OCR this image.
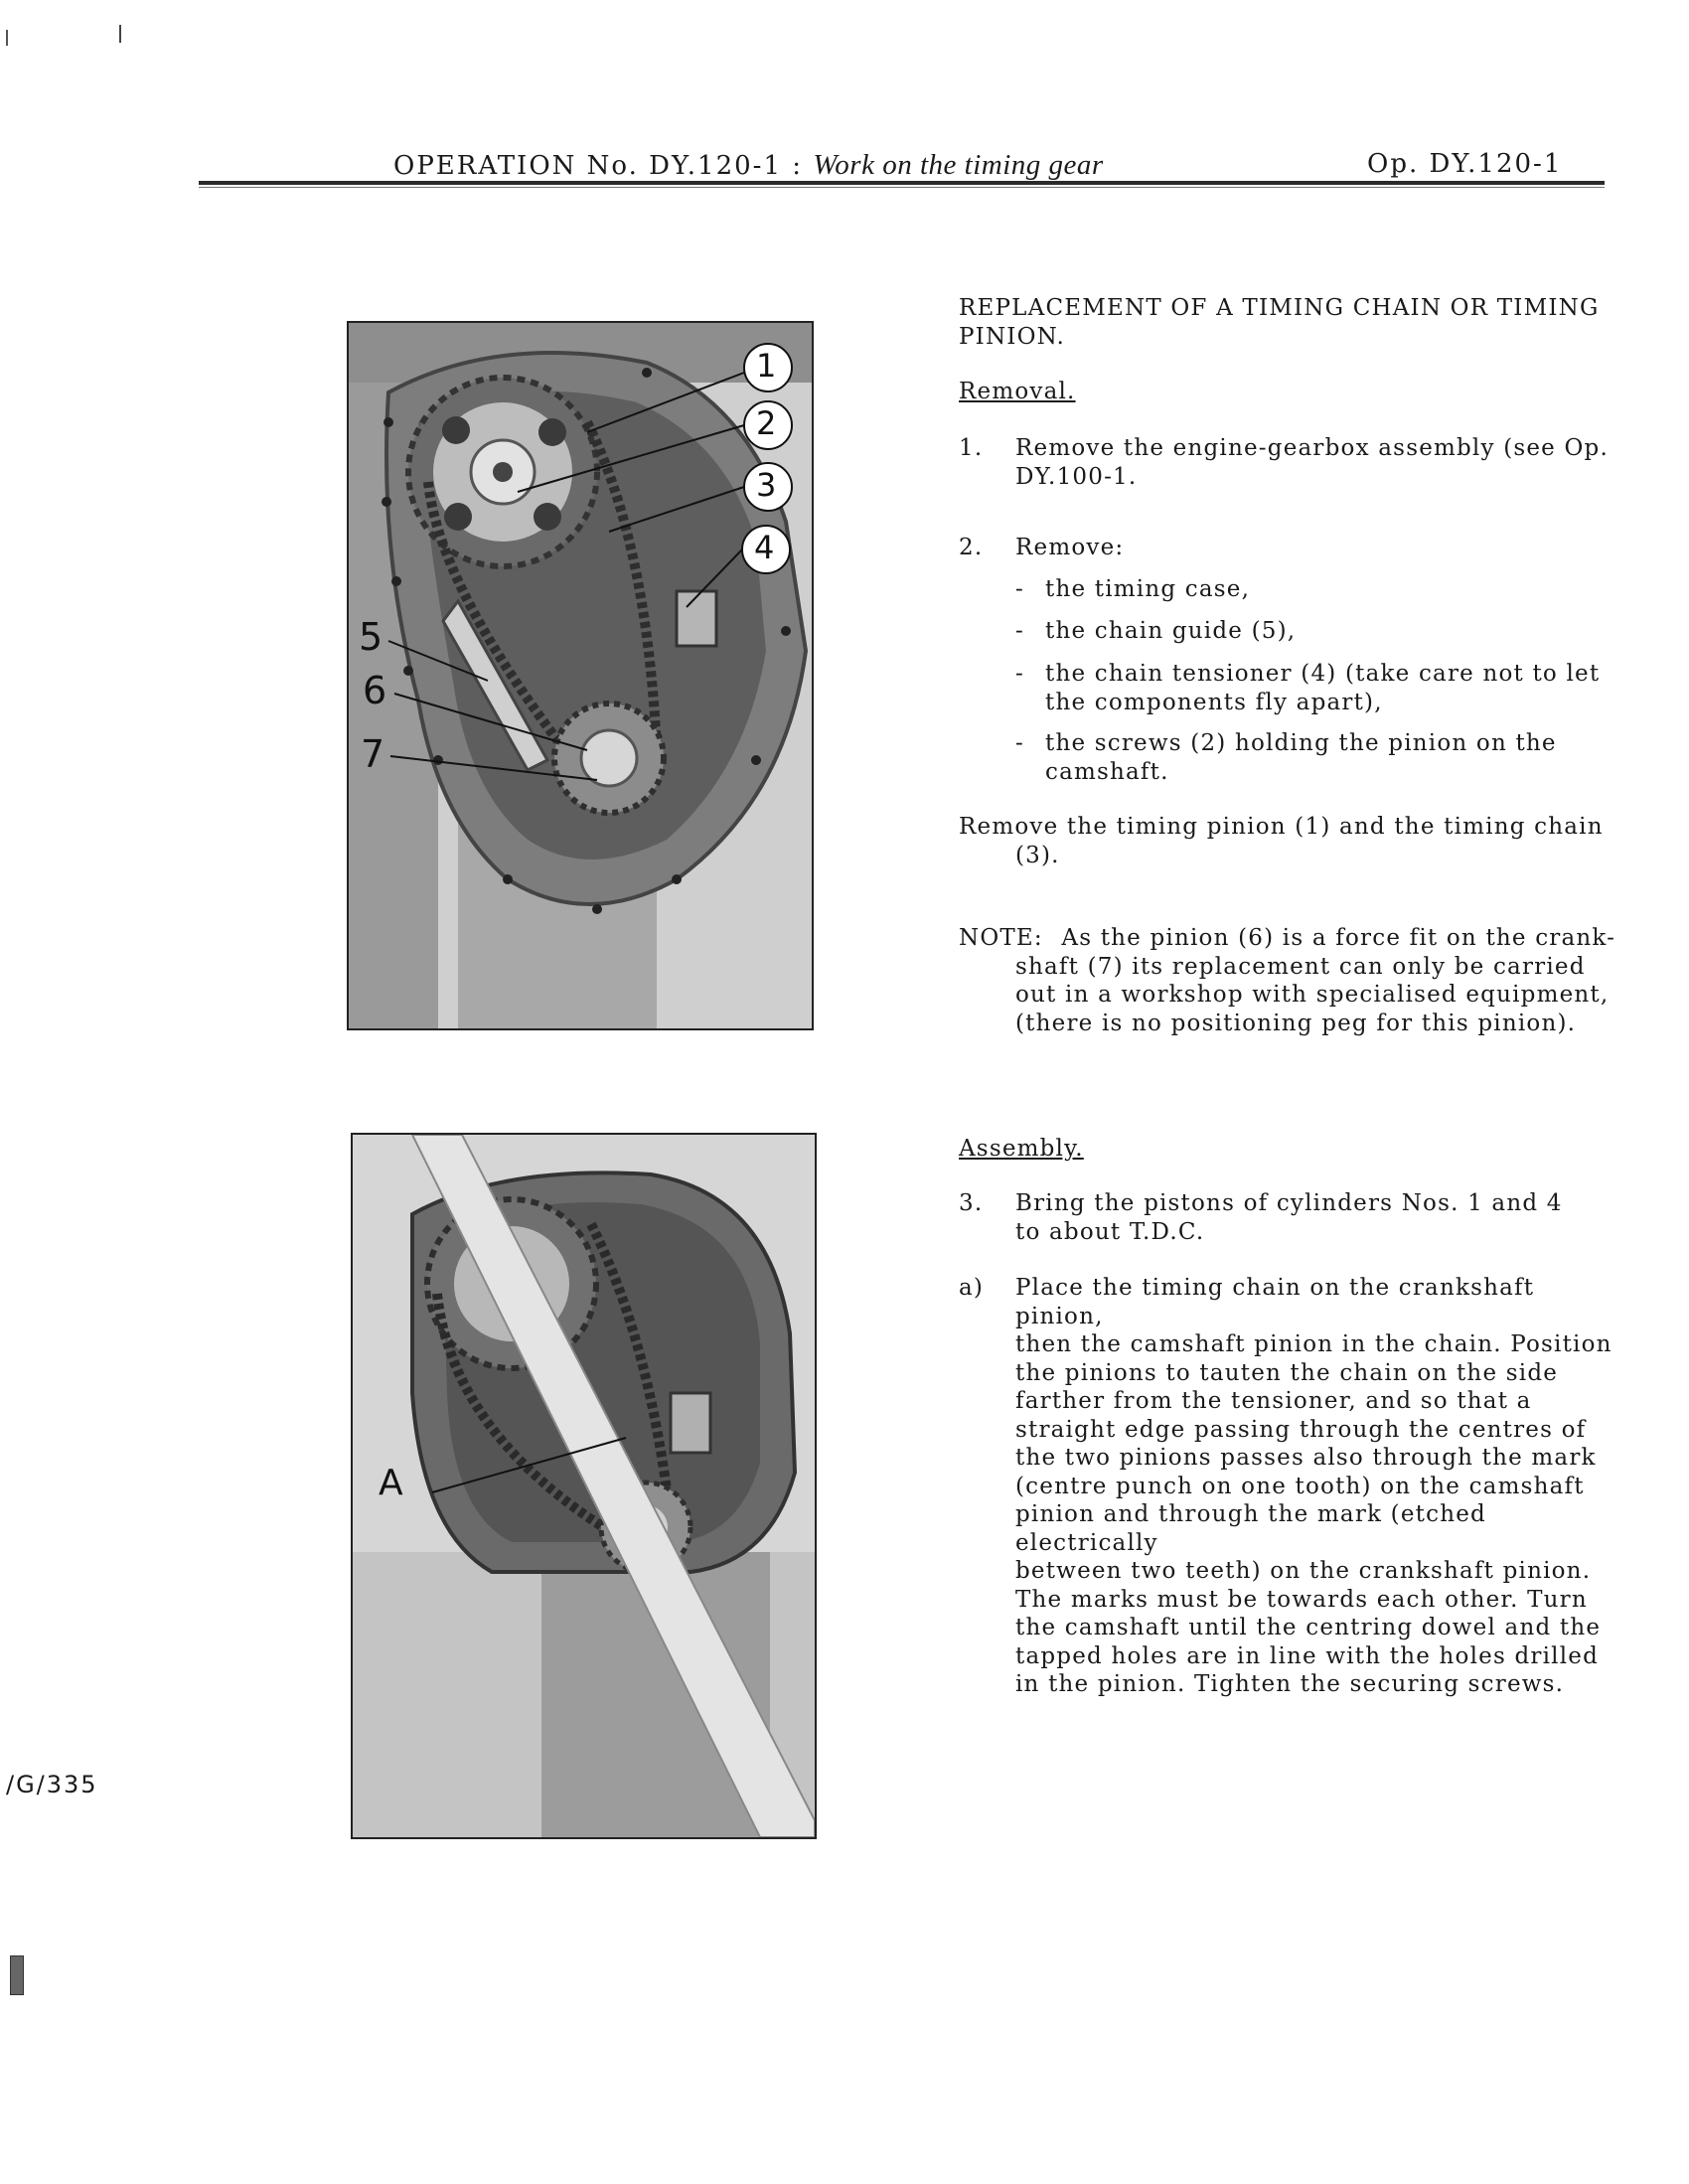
OPERATION No. DY.120-1 : Work on the timing gear	Op. DY.120-1
1
2
3
4
5
6
7
A
REPLACEMENT OF A TIMING CHAIN OR TIMING PINION.
Removal.
1. Remove the engine-gearbox assembly (see Op.
DY.100-1.
2. Remove:
- the timing case,
- the chain guide (5),
- the chain tensioner (4) (take care not to let
the components fly apart),
- the screws (2) holding the pinion on the
camshaft.
Remove the timing pinion (1) and the timing chain
(3).
NOTE: As the pinion (6) is a force fit on the crank-
shaft (7) its replacement can only be carried
out in a workshop with specialised equipment,
(there is no positioning peg for this pinion).
Assembly.
3. Bring the pistons of cylinders Nos. 1 and 4
to about T.D.C.
a) Place the timing chain on the crankshaft pinion,
then the camshaft pinion in the chain. Position
the pinions to tauten the chain on the side
farther from the tensioner, and so that a
straight edge passing through the centres of
the two pinions passes also through the mark
(centre punch on one tooth) on the camshaft
pinion and through the mark (etched electrically
between two teeth) on the crankshaft pinion.
The marks must be towards each other. Turn
the camshaft until the centring dowel and the
tapped holes are in line with the holes drilled
in the pinion. Tighten the securing screws.
/G/335
